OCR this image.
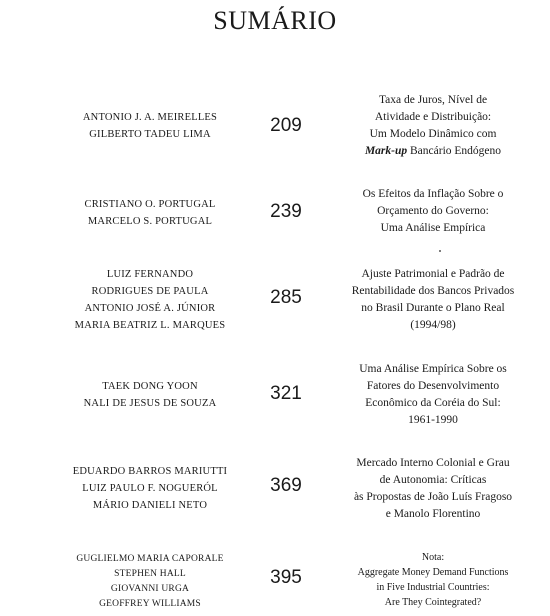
SUMÁRIO
ANTONIO J. A. MEIRELLES
GILBERTO TADEU LIMA	209
Taxa de Juros, Nível de
Atividade e Distribuição:
Um Modelo Dinâmico com
Mark-up Bancário Endógeno
CRISTIANO O. PORTUGAL
MARCELO S. PORTUGAL	239
Os Efeitos da Inflação Sobre o
Orçamento do Governo:
Uma Análise Empírica
LUIZ FERNANDO
RODRIGUES DE PAULA
ANTONIO JOSÉ A. JÚNIOR
MARIA BEATRIZ L. MARQUES
285
Ajuste Patrimonial e Padrão de
Rentabilidade dos Bancos Privados
no Brasil Durante o Plano Real
(1994/98)
TAEK DONG YOON
NALI DE JESUS DE SOUZA	321
Uma Análise Empírica Sobre os
Fatores do Desenvolvimento
Econômico da Coréia do Sul:
1961-1990
EDUARDO BARROS MARIUTTI
LUIZ PAULO F. NOGUERÓL
MÁRIO DANIELI NETO
369
Mercado Interno Colonial e Grau
de Autonomia: Críticas
às Propostas de João Luís Fragoso
e Manolo Florentino
GUGLIELMO MARIA CAPORALE
STEPHEN HALL
GIOVANNI URGA
GEOFFREY WILLIAMS
395
Nota:
Aggregate Money Demand Functions
in Five Industrial Countries:
Are They Cointegrated?
